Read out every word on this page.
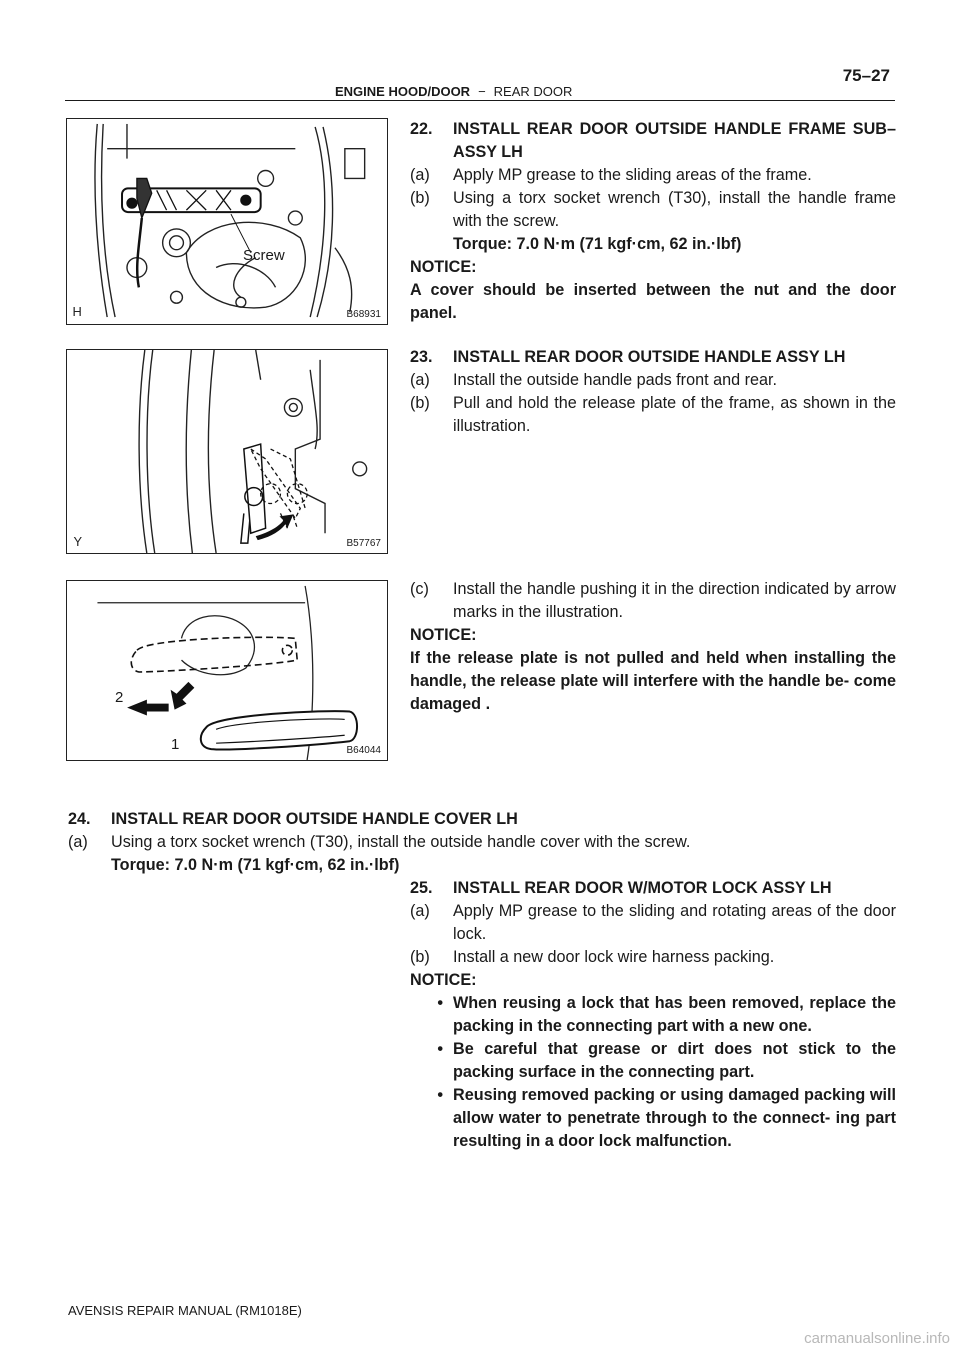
ENGINE HOOD/DOOR − REAR DOOR
75–27
H
Screw
B68931
Y	B57767
2
1	B64044
22.	INSTALL REAR DOOR OUTSIDE HANDLE FRAME SUB–ASSY LH
(a)	Apply MP grease to the sliding areas of the frame.
(b)	Using a torx socket wrench (T30), install the handle frame with the screw.
Torque: 7.0 N·m (71 kgf·cm, 62 in.·lbf)
NOTICE:
A cover should be inserted between the nut and the door panel.
23.	INSTALL REAR DOOR OUTSIDE HANDLE ASSY LH
(a)	Install the outside handle pads front and rear.
(b)	Pull and hold the release plate of the frame, as shown in the illustration.
(c)	Install the handle pushing it in the direction indicated by arrow marks in the illustration.
NOTICE:
If the release plate is not pulled and held when installing the handle, the release plate will interfere with the handle be- come damaged .
24.	INSTALL REAR DOOR OUTSIDE HANDLE COVER LH
(a)	Using a torx socket wrench (T30), install the outside handle cover with the screw.
Torque: 7.0 N·m (71 kgf·cm, 62 in.·lbf)
25.	INSTALL REAR DOOR W/MOTOR LOCK ASSY LH
(a)	Apply MP grease to the sliding and rotating areas of the door lock.
(b)	Install a new door lock wire harness packing.
NOTICE:
• When reusing a lock that has been removed, replace the packing in the connecting part with a new one.
• Be careful that grease or dirt does not stick to the packing surface in the connecting part.
• Reusing removed packing or using damaged packing will allow water to penetrate through to the connect- ing part resulting in a door lock malfunction.
AVENSIS REPAIR MANUAL (RM1018E)
carmanualsonline.info
